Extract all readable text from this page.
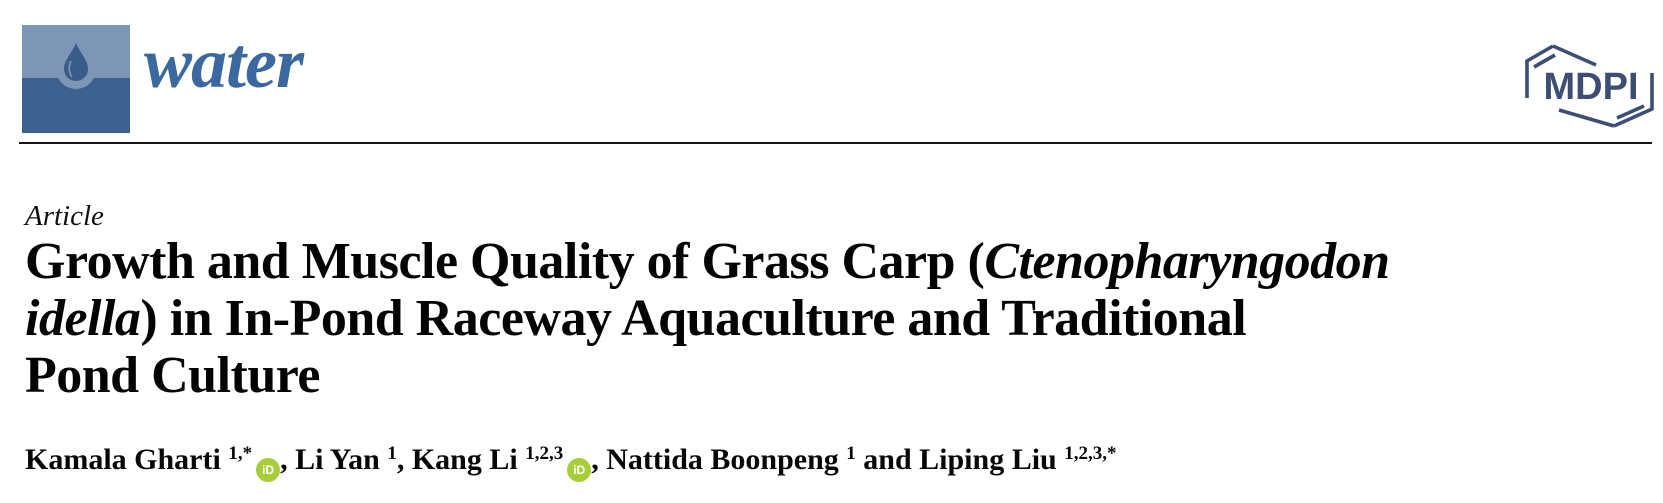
water	MDPI
Article
Growth and Muscle Quality of Grass Carp (Ctenopharyngodon
idella) in In-Pond Raceway Aquaculture and Traditional
Pond Culture
Kamala Gharti $^{1,*}$iD , Li Yan $^1$, Kang Li $^{1,2,3}$iD , Nattida Boonpeng $^1$ and Liping Liu $^{1,2,3,*}$
